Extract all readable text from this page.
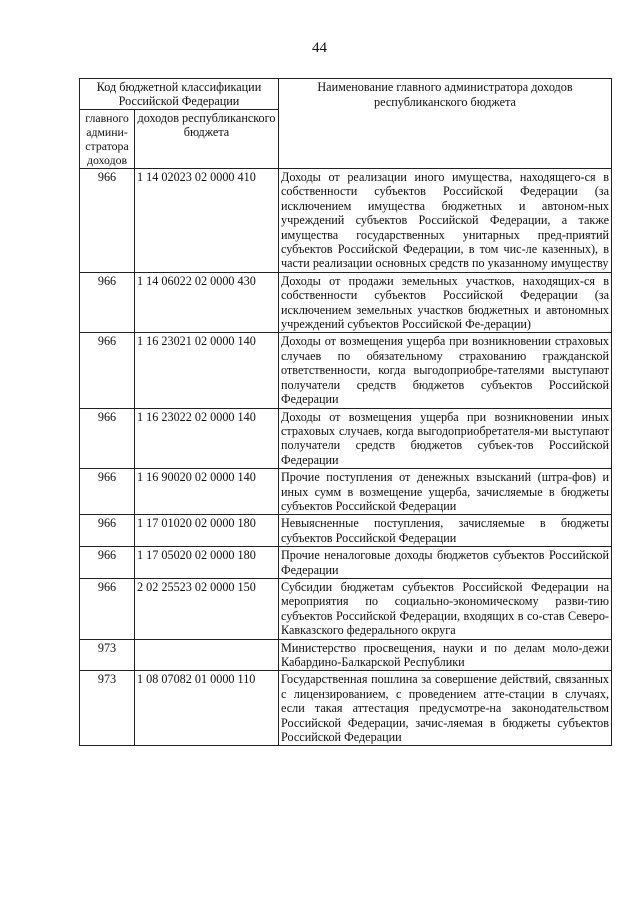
44
Код бюджетной классификации Российской Федерации		Наименование главного администратора доходов республиканского бюджета
главного админи-стратора доходов	доходов республиканского бюджета	
966	1 14 02023 02 0000 410	Доходы от реализации иного имущества, находящего-ся в собственности субъектов Российской Федерации (за исключением имущества бюджетных и автоном-ных учреждений субъектов Российской Федерации, а также имущества государственных унитарных пред-приятий субъектов Российской Федерации, в том чис-ле казенных), в части реализации основных средств по указанному имуществу

966	1 14 06022 02 0000 430	Доходы от продажи земельных участков, находящих-ся в собственности субъектов Российской Федерации (за исключением земельных участков бюджетных и автономных учреждений субъектов Российской Фе-дерации)

966	1 16 23021 02 0000 140	Доходы от возмещения ущерба при возникновении страховых случаев по обязательному страхованию гражданской ответственности, когда выгодоприобре-тателями выступают получатели средств бюджетов субъектов Российской Федерации

966	1 16 23022 02 0000 140	Доходы от возмещения ущерба при возникновении иных страховых случаев, когда выгодоприобретателя-ми выступают получатели средств бюджетов субъек-тов Российской Федерации

966	1 16 90020 02 0000 140	Прочие поступления от денежных взысканий (штра-фов) и иных сумм в возмещение ущерба, зачисляемые в бюджеты субъектов Российской Федерации

966	1 17 01020 02 0000 180	Невыясненные поступления, зачисляемые в бюджеты субъектов Российской Федерации

966	1 17 05020 02 0000 180	Прочие неналоговые доходы бюджетов субъектов Российской Федерации

966	2 02 25523 02 0000 150	Субсидии бюджетам субъектов Российской Федерации на мероприятия по социально-экономическому разви-тию субъектов Российской Федерации, входящих в со-став Северо-Кавказского федерального округа

973		Министерство просвещения, науки и по делам моло-дежи Кабардино-Балкарской Республики

973	1 08 07082 01 0000 110	Государственная пошлина за совершение действий, связанных с лицензированием, с проведением атте-стации в случаях, если такая аттестация предусмотре-на законодательством Российской Федерации, зачис-ляемая в бюджеты субъектов Российской Федерации
